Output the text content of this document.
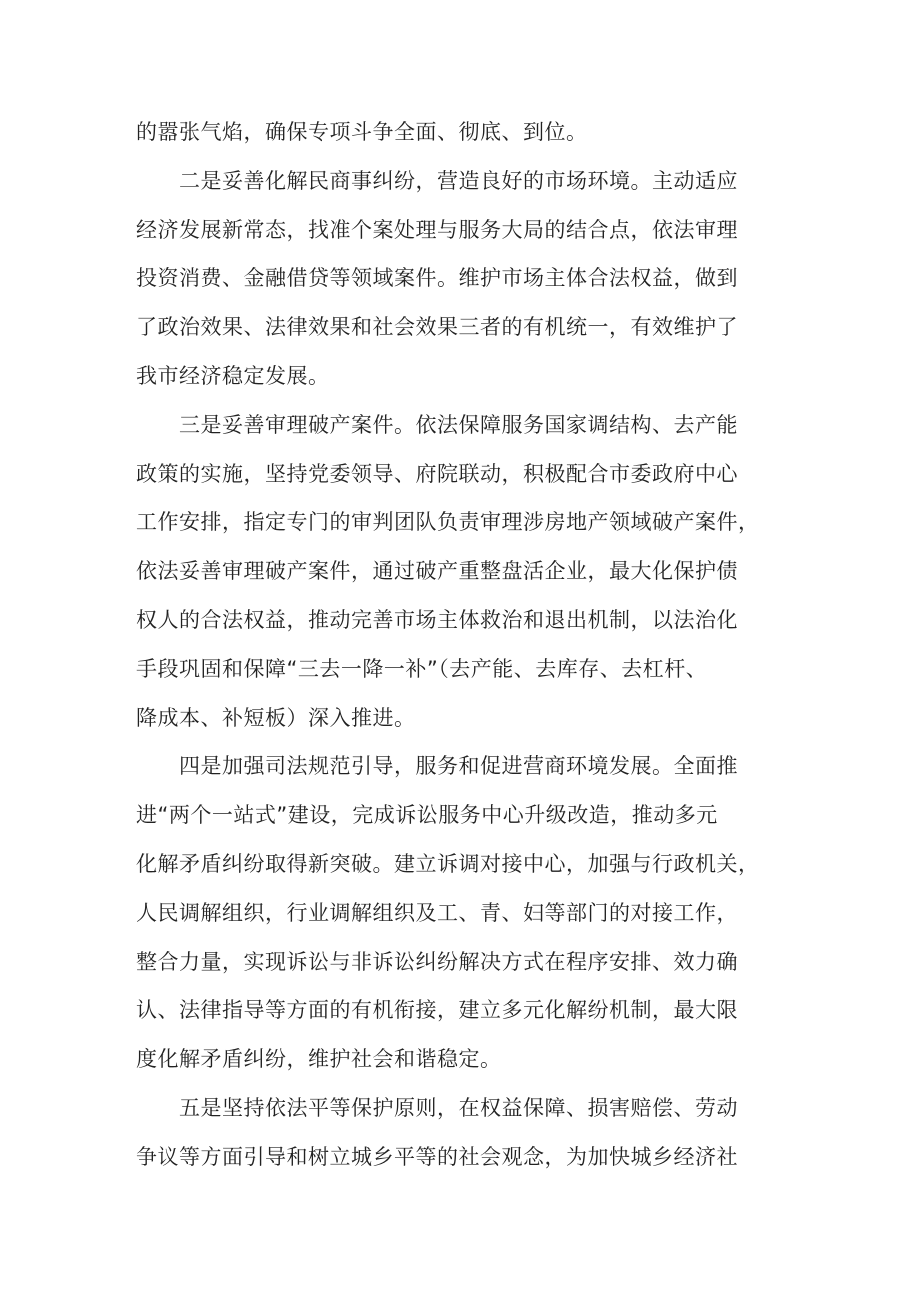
的嚣张气焰，确保专项斗争全面、彻底、到位。
　　二是妥善化解民商事纠纷，营造良好的市场环境。主动适应
经济发展新常态，找准个案处理与服务大局的结合点，依法审理
投资消费、金融借贷等领域案件。维护市场主体合法权益，做到
了政治效果、法律效果和社会效果三者的有机统一，有效维护了
我市经济稳定发展。
　　三是妥善审理破产案件。依法保障服务国家调结构、去产能
政策的实施，坚持党委领导、府院联动，积极配合市委政府中心
工作安排，指定专门的审判团队负责审理涉房地产领域破产案件，
依法妥善审理破产案件，通过破产重整盘活企业，最大化保护债
权人的合法权益，推动完善市场主体救治和退出机制，以法治化
手段巩固和保障“三去一降一补”（去产能、去库存、去杠杆、
降成本、补短板）深入推进。
　　四是加强司法规范引导，服务和促进营商环境发展。全面推
进“两个一站式”建设，完成诉讼服务中心升级改造，推动多元
化解矛盾纠纷取得新突破。建立诉调对接中心，加强与行政机关，
人民调解组织，行业调解组织及工、青、妇等部门的对接工作，
整合力量，实现诉讼与非诉讼纠纷解决方式在程序安排、效力确
认、法律指导等方面的有机衔接，建立多元化解纷机制，最大限
度化解矛盾纠纷，维护社会和谐稳定。
　　五是坚持依法平等保护原则，在权益保障、损害赔偿、劳动
争议等方面引导和树立城乡平等的社会观念，为加快城乡经济社
